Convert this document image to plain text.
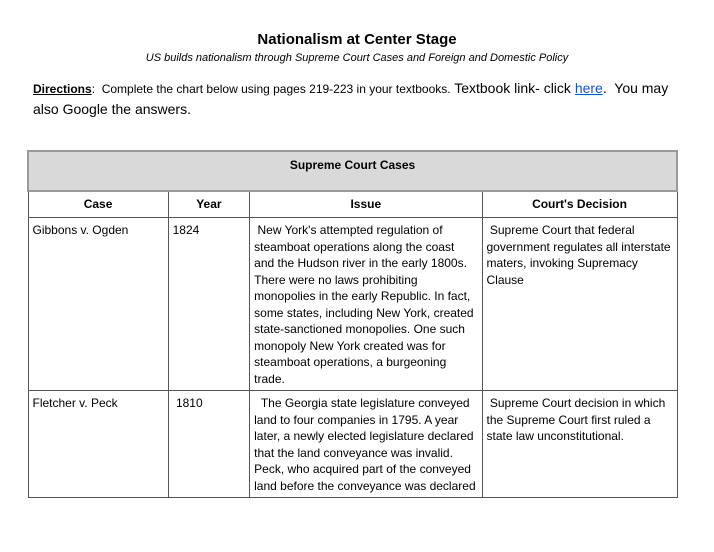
Nationalism at Center Stage
US builds nationalism through Supreme Court Cases and Foreign and Domestic Policy
Directions:  Complete the chart below using pages 219-223 in your textbooks. Textbook link- click here.  You may also Google the answers.
Supreme Court Cases			
Case	Year	Issue	Court's Decision
Gibbons v. Ogden	1824	New York's attempted regulation of steamboat operations along the coast and the Hudson river in the early 1800s. There were no laws prohibiting monopolies in the early Republic. In fact, some states, including New York, created state-sanctioned monopolies. One such monopoly New York created was for steamboat operations, a burgeoning trade.	Supreme Court that federal government regulates all interstate maters, invoking Supremacy Clause
Fletcher v. Peck	1810	The Georgia state legislature conveyed land to four companies in 1795. A year later, a newly elected legislature declared that the land conveyance was invalid. Peck, who acquired part of the conveyed land before the conveyance was declared	Supreme Court decision in which the Supreme Court first ruled a state law unconstitutional.
